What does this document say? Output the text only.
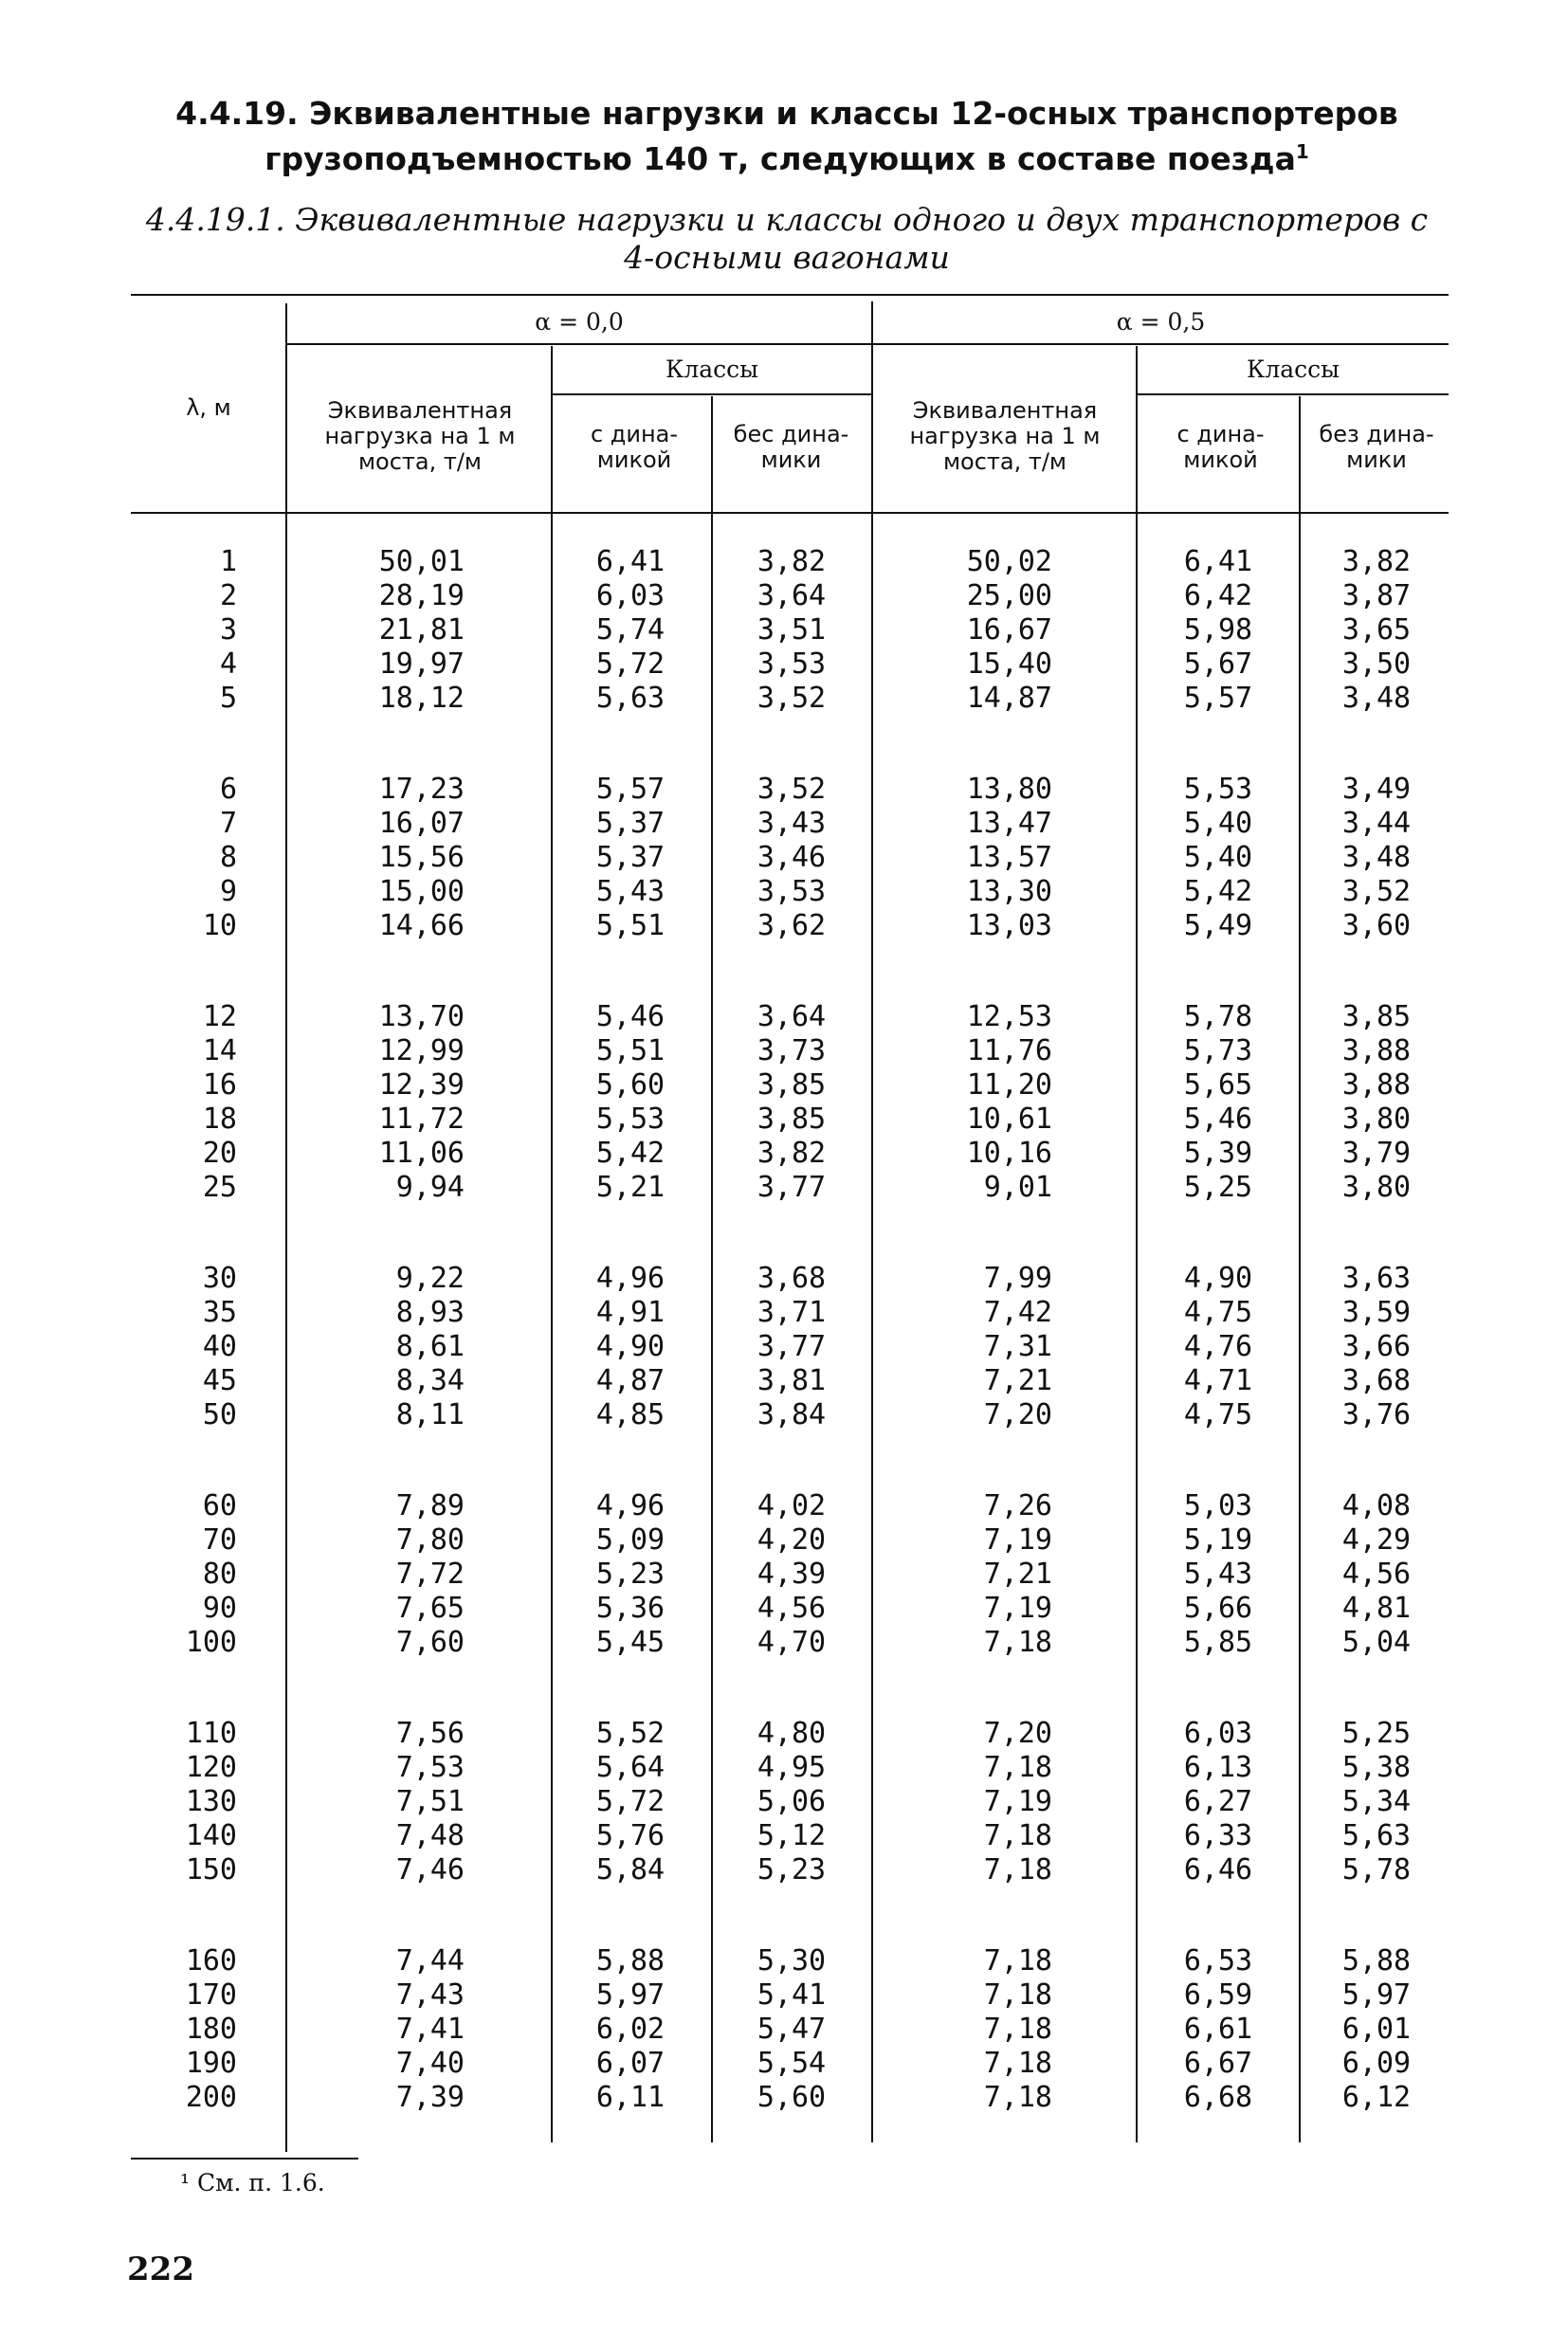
4.4.19. Эквивалентные нагрузки и классы 12-осных транспортеров грузоподъемностью 140 т, следующих в составе поезда$^1$
4.4.19.1. Эквивалентные нагрузки и классы одного и двух транспортеров с 4-осными вагонами
λ, м
α = 0,0	α = 0,5
Эквивалентная нагрузка на 1 м моста, т/м
Классы
с дина-микой
бес дина-мики
Эквивалентная нагрузка на 1 м моста, т/м
Классы
с дина-микой
без дина-мики
1
2
3
4
5
6
7
8
9
10
12
14
16
18
20
25
30
35
40
45
50
60
70
80
90
100
110
120
130
140
150
160
170
180
190
200
50,01
28,19
21,81
19,97
18,12
17,23
16,07
15,56
15,00
14,66
13,70
12,99
12,39
11,72
11,06
9,94
9,22
8,93
8,61
8,34
8,11
7,89
7,80
7,72
7,65
7,60
7,56
7,53
7,51
7,48
7,46
7,44
7,43
7,41
7,40
7,39
6,41
6,03
5,74
5,72
5,63
5,57
5,37
5,37
5,43
5,51
5,46
5,51
5,60
5,53
5,42
5,21
4,96
4,91
4,90
4,87
4,85
4,96
5,09
5,23
5,36
5,45
5,52
5,64
5,72
5,76
5,84
5,88
5,97
6,02
6,07
6,11
3,82
3,64
3,51
3,53
3,52
3,52
3,43
3,46
3,53
3,62
3,64
3,73
3,85
3,85
3,82
3,77
3,68
3,71
3,77
3,81
3,84
4,02
4,20
4,39
4,56
4,70
4,80
4,95
5,06
5,12
5,23
5,30
5,41
5,47
5,54
5,60
50,02
25,00
16,67
15,40
14,87
13,80
13,47
13,57
13,30
13,03
12,53
11,76
11,20
10,61
10,16
9,01
7,99
7,42
7,31
7,21
7,20
7,26
7,19
7,21
7,19
7,18
7,20
7,18
7,19
7,18
7,18
7,18
7,18
7,18
7,18
7,18
6,41
6,42
5,98
5,67
5,57
5,53
5,40
5,40
5,42
5,49
5,78
5,73
5,65
5,46
5,39
5,25
4,90
4,75
4,76
4,71
4,75
5,03
5,19
5,43
5,66
5,85
6,03
6,13
6,27
6,33
6,46
6,53
6,59
6,61
6,67
6,68
3,82
3,87
3,65
3,50
3,48
3,49
3,44
3,48
3,52
3,60
3,85
3,88
3,88
3,80
3,79
3,80
3,63
3,59
3,66
3,68
3,76
4,08
4,29
4,56
4,81
5,04
5,25
5,38
5,34
5,63
5,78
5,88
5,97
6,01
6,09
6,12
¹ См. п. 1.6.
222
